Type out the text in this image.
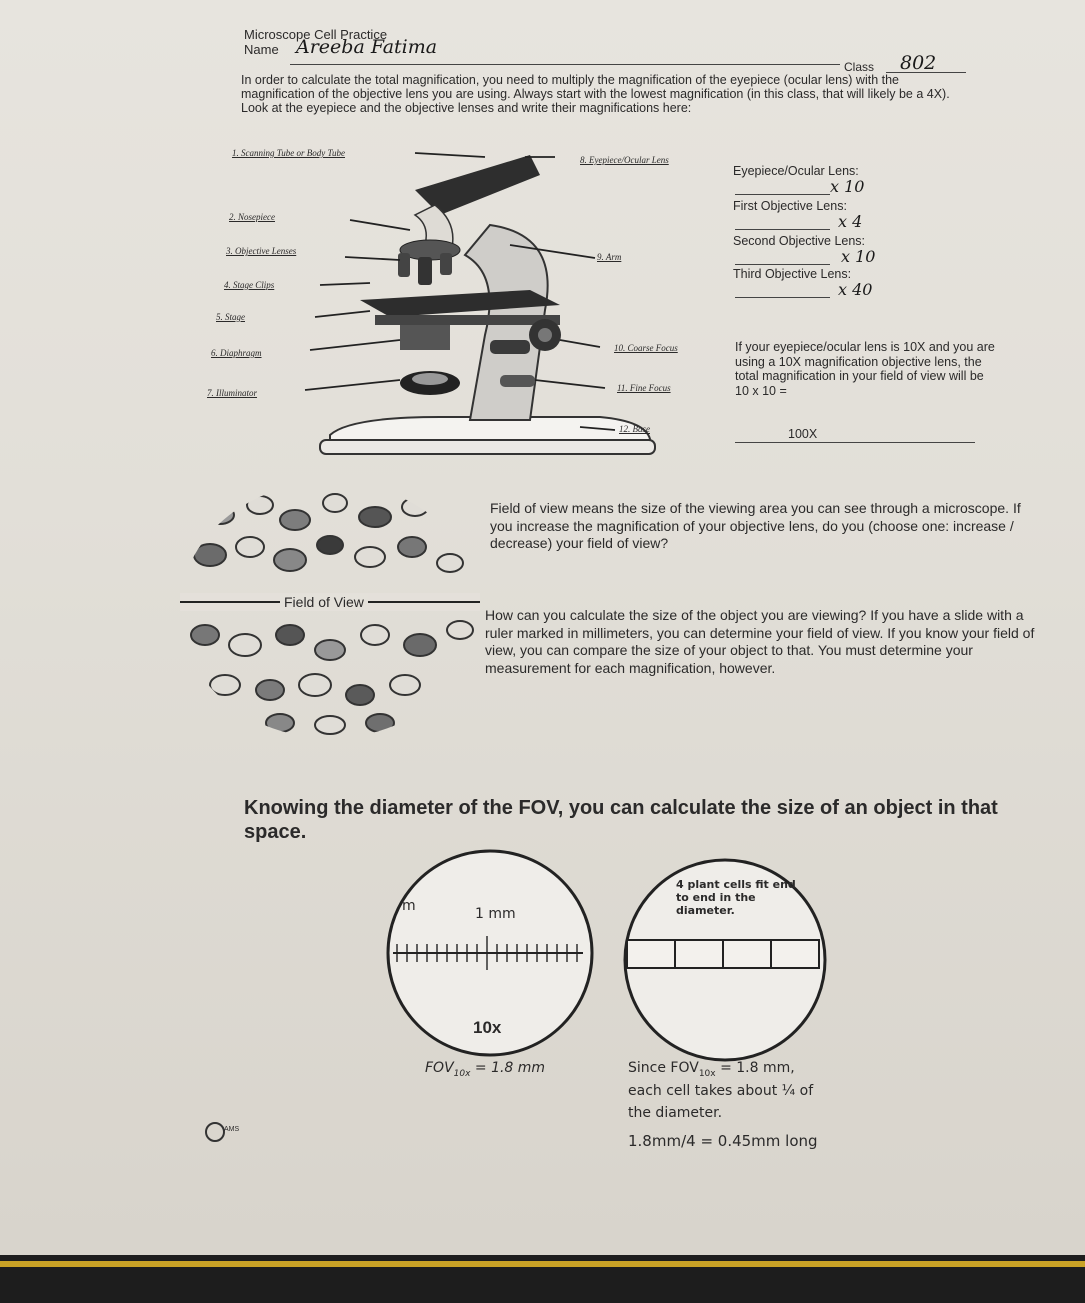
Microscope Cell Practice
Name Areeba Fatima
Class 802
In order to calculate the total magnification, you need to multiply the magnification of the eyepiece (ocular lens) with the magnification of the objective lens you are using. Always start with the lowest magnification (in this class, that will likely be a 4X). Look at the eyepiece and the objective lenses and write their magnifications here:
1. Scanning Tube or Body Tube
2. Nosepiece
3. Objective Lenses
4. Stage Clips
5. Stage
6. Diaphragm
7. Illuminator
8. Eyepiece/Ocular Lens
9. Arm
10. Coarse Focus
11. Fine Focus
12. Base
Eyepiece/Ocular Lens:
x 10
First Objective Lens:
x 4
Second Objective Lens:
x 10
Third Objective Lens:
x 40
If your eyepiece/ocular lens is 10X and you are using a 10X magnification objective lens, the total magnification in your field of view will be 10 x 10 =
100X
Field of View
Field of view means the size of the viewing area you can see through a microscope. If you increase the magnification of your objective lens, do you (choose one: increase / decrease) your field of view?
How can you calculate the size of the object you are viewing? If you have a slide with a ruler marked in millimeters, you can determine your field of view. If you know your field of view, you can compare the size of your object to that. You must determine your measurement for each magnification, however.
Knowing the diameter of the FOV, you can calculate the size of an object in that space.
m	1 mm
10x
$FOV_{10x} = 1.8$ mm
4 plant cells fit end to end in the diameter.
Since $FOV_{10x} = 1.8$ mm,
each cell takes about ¼ of
the diameter.
1.8mm/4 = 0.45mm long
AMS
